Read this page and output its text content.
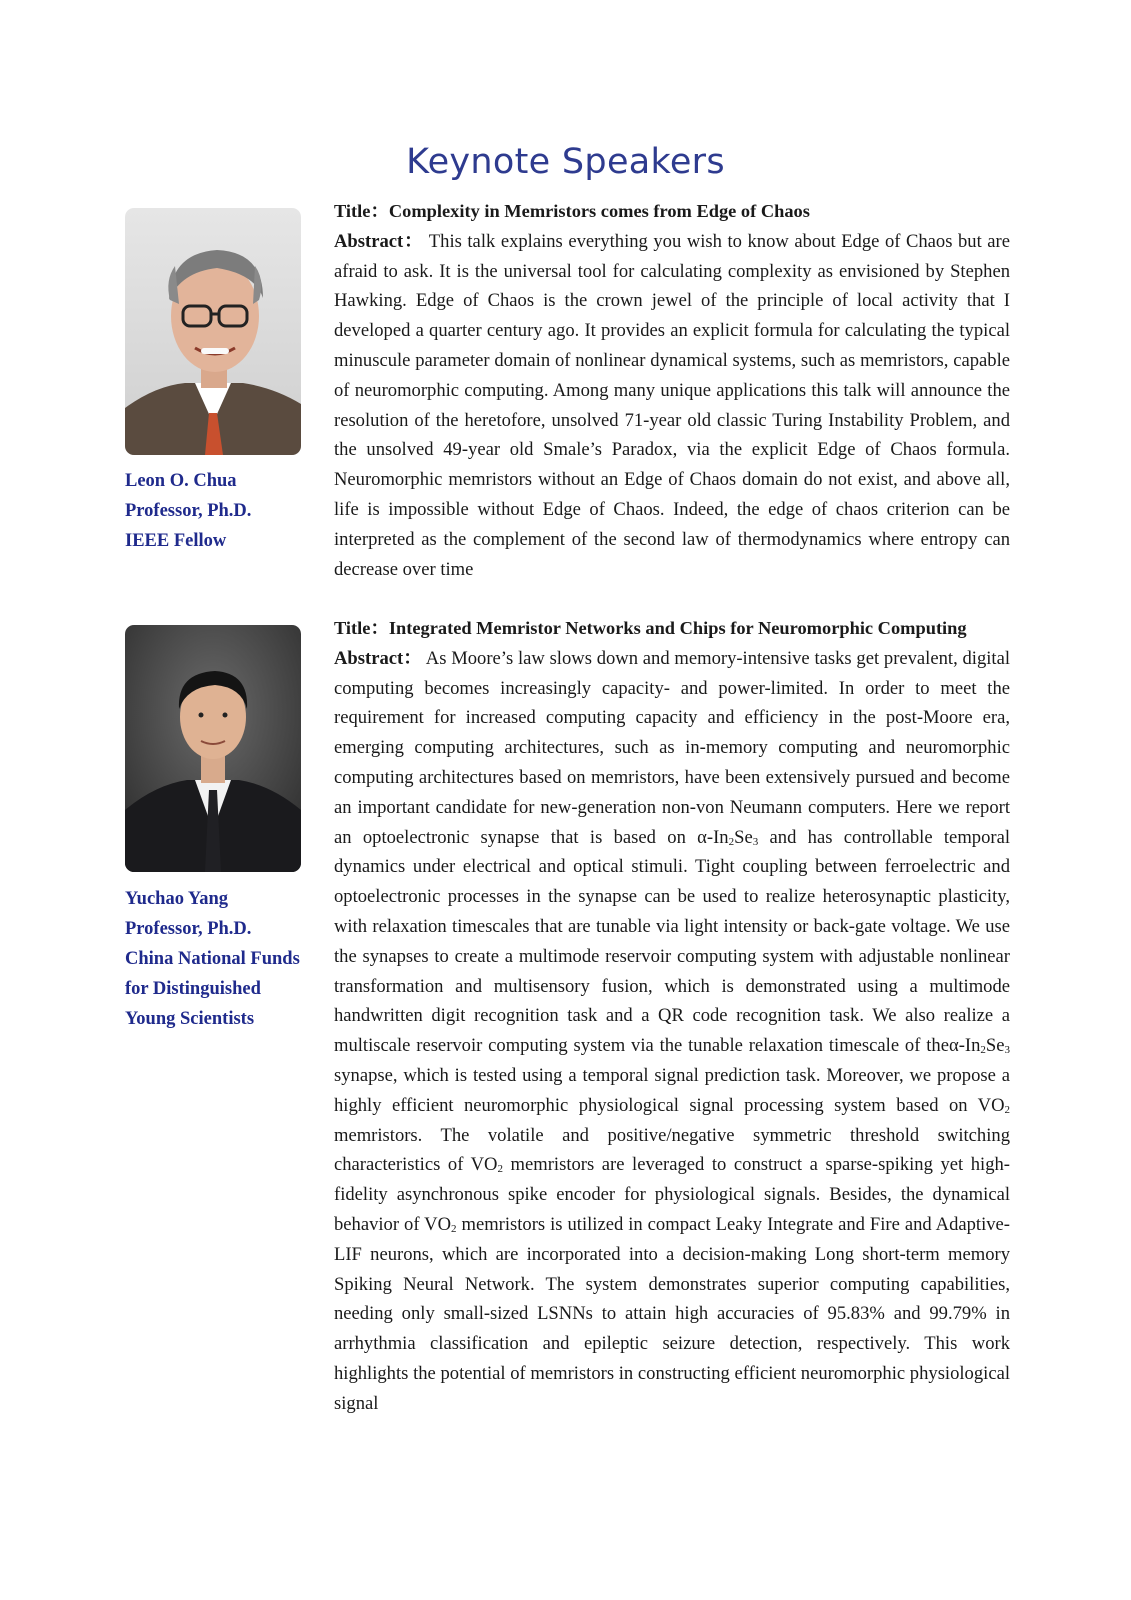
Keynote Speakers
Leon O. Chua
Professor, Ph.D.
IEEE Fellow
Title：Complexity in Memristors comes from Edge of Chaos
Abstract： This talk explains everything you wish to know about Edge of Chaos but are afraid to ask. It is the universal tool for calculating complexity as envisioned by Stephen Hawking. Edge of Chaos is the crown jewel of the principle of local activity that I developed a quarter century ago. It provides an explicit formula for calculating the typical minuscule parameter domain of nonlinear dynamical systems, such as memristors, capable of neuromorphic computing. Among many unique applications this talk will announce the resolution of the heretofore, unsolved 71-year old classic Turing Instability Problem, and the unsolved 49-year old Smale’s Paradox, via the explicit Edge of Chaos formula. Neuromorphic memristors without an Edge of Chaos domain do not exist, and above all, life is impossible without Edge of Chaos. Indeed, the edge of chaos criterion can be interpreted as the complement of the second law of thermodynamics where entropy can decrease over time
Yuchao Yang
Professor, Ph.D.
China National Funds
for Distinguished
Young Scientists
Title：Integrated Memristor Networks and Chips for Neuromorphic Computing
Abstract： As Moore’s law slows down and memory-intensive tasks get prevalent, digital computing becomes increasingly capacity- and power-limited. In order to meet the requirement for increased computing capacity and efficiency in the post-Moore era, emerging computing architectures, such as in-memory computing and neuromorphic computing architectures based on memristors, have been extensively pursued and become an important candidate for new-generation non-von Neumann computers. Here we report an optoelectronic synapse that is based on $\alpha-In_2Se_3$ and has controllable temporal dynamics under electrical and optical stimuli. Tight coupling between ferroelectric and optoelectronic processes in the synapse can be used to realize heterosynaptic plasticity, with relaxation timescales that are tunable via light intensity or back-gate voltage. We use the synapses to create a multimode reservoir computing system with adjustable nonlinear transformation and multisensory fusion, which is demonstrated using a multimode handwritten digit recognition task and a QR code recognition task. We also realize a multiscale reservoir computing system via the tunable relaxation timescale of theα-$In_2Se_3$ synapse, which is tested using a temporal signal prediction task. Moreover, we propose a highly efficient neuromorphic physiological signal processing system based on $VO_2$ memristors. The volatile and positive/negative symmetric threshold switching characteristics of $VO_2$ memristors are leveraged to construct a sparse-spiking yet high-fidelity asynchronous spike encoder for physiological signals. Besides, the dynamical behavior of $VO_2$ memristors is utilized in compact Leaky Integrate and Fire and Adaptive-LIF neurons, which are incorporated into a decision-making Long short-term memory Spiking Neural Network. The system demonstrates superior computing capabilities, needing only small-sized LSNNs to attain high accuracies of 95.83% and 99.79% in arrhythmia classification and epileptic seizure detection, respectively. This work highlights the potential of memristors in constructing efficient neuromorphic physiological signal
